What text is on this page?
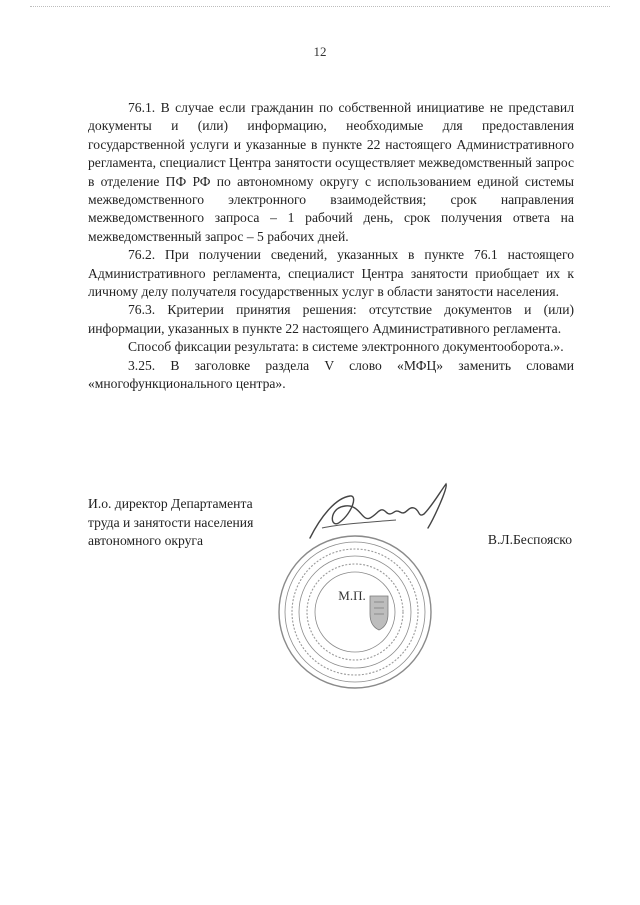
12

76.1. В случае если гражданин по собственной инициативе не представил документы и (или) информацию, необходимые для предоставления государственной услуги и указанные в пункте 22 настоящего Административного регламента, специалист Центра занятости осуществляет межведомственный запрос в отделение ПФ РФ по автономному округу с использованием единой системы межведомственного электронного взаимодействия; срок направления межведомственного запроса – 1 рабочий день, срок получения ответа на межведомственный запрос – 5 рабочих дней.

76.2. При получении сведений, указанных в пункте 76.1 настоящего Административного регламента, специалист Центра занятости приобщает их к личному делу получателя государственных услуг в области занятости населения.

76.3. Критерии принятия решения: отсутствие документов и (или) информации, указанных в пункте 22 настоящего Административного регламента.

Способ фиксации результата: в системе электронного документооборота.».

3.25. В заголовке раздела V слово «МФЦ» заменить словами «многофункционального центра».

И.о. директор Департамента
труда и занятости населения
автономного округа	В.Л.Беспояско
М.П.
